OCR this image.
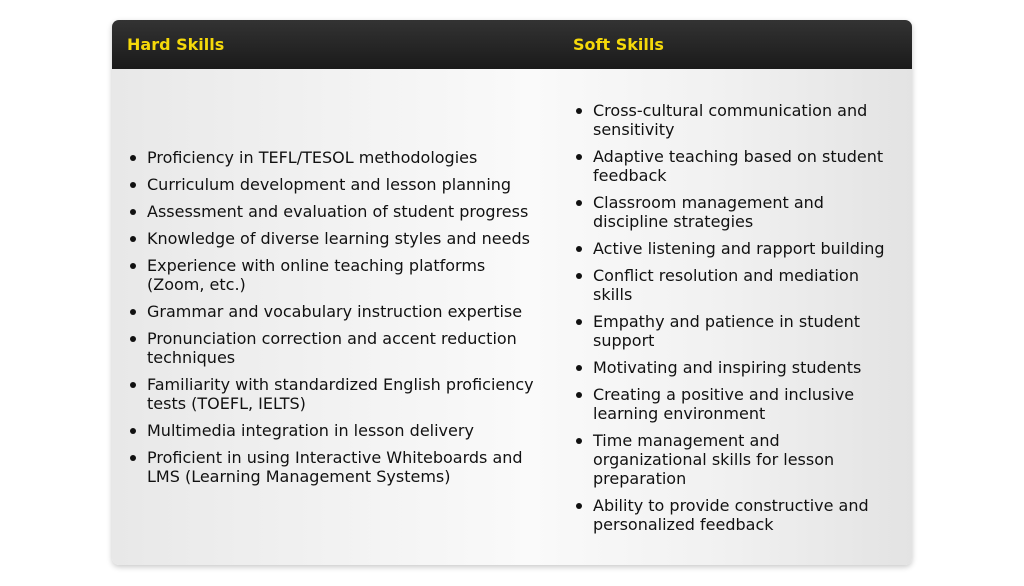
Hard Skills	Soft Skills
Proficiency in TEFL/TESOL methodologies
Curriculum development and lesson planning
Assessment and evaluation of student progress
Knowledge of diverse learning styles and needs
Experience with online teaching platforms (Zoom, etc.)
Grammar and vocabulary instruction expertise
Pronunciation correction and accent reduction techniques
Familiarity with standardized English proficiency tests (TOEFL, IELTS)
Multimedia integration in lesson delivery
Proficient in using Interactive Whiteboards and LMS (Learning Management Systems)
Cross-cultural communication and sensitivity
Adaptive teaching based on student feedback
Classroom management and discipline strategies
Active listening and rapport building
Conflict resolution and mediation skills
Empathy and patience in student support
Motivating and inspiring students
Creating a positive and inclusive learning environment
Time management and organizational skills for lesson preparation
Ability to provide constructive and personalized feedback
